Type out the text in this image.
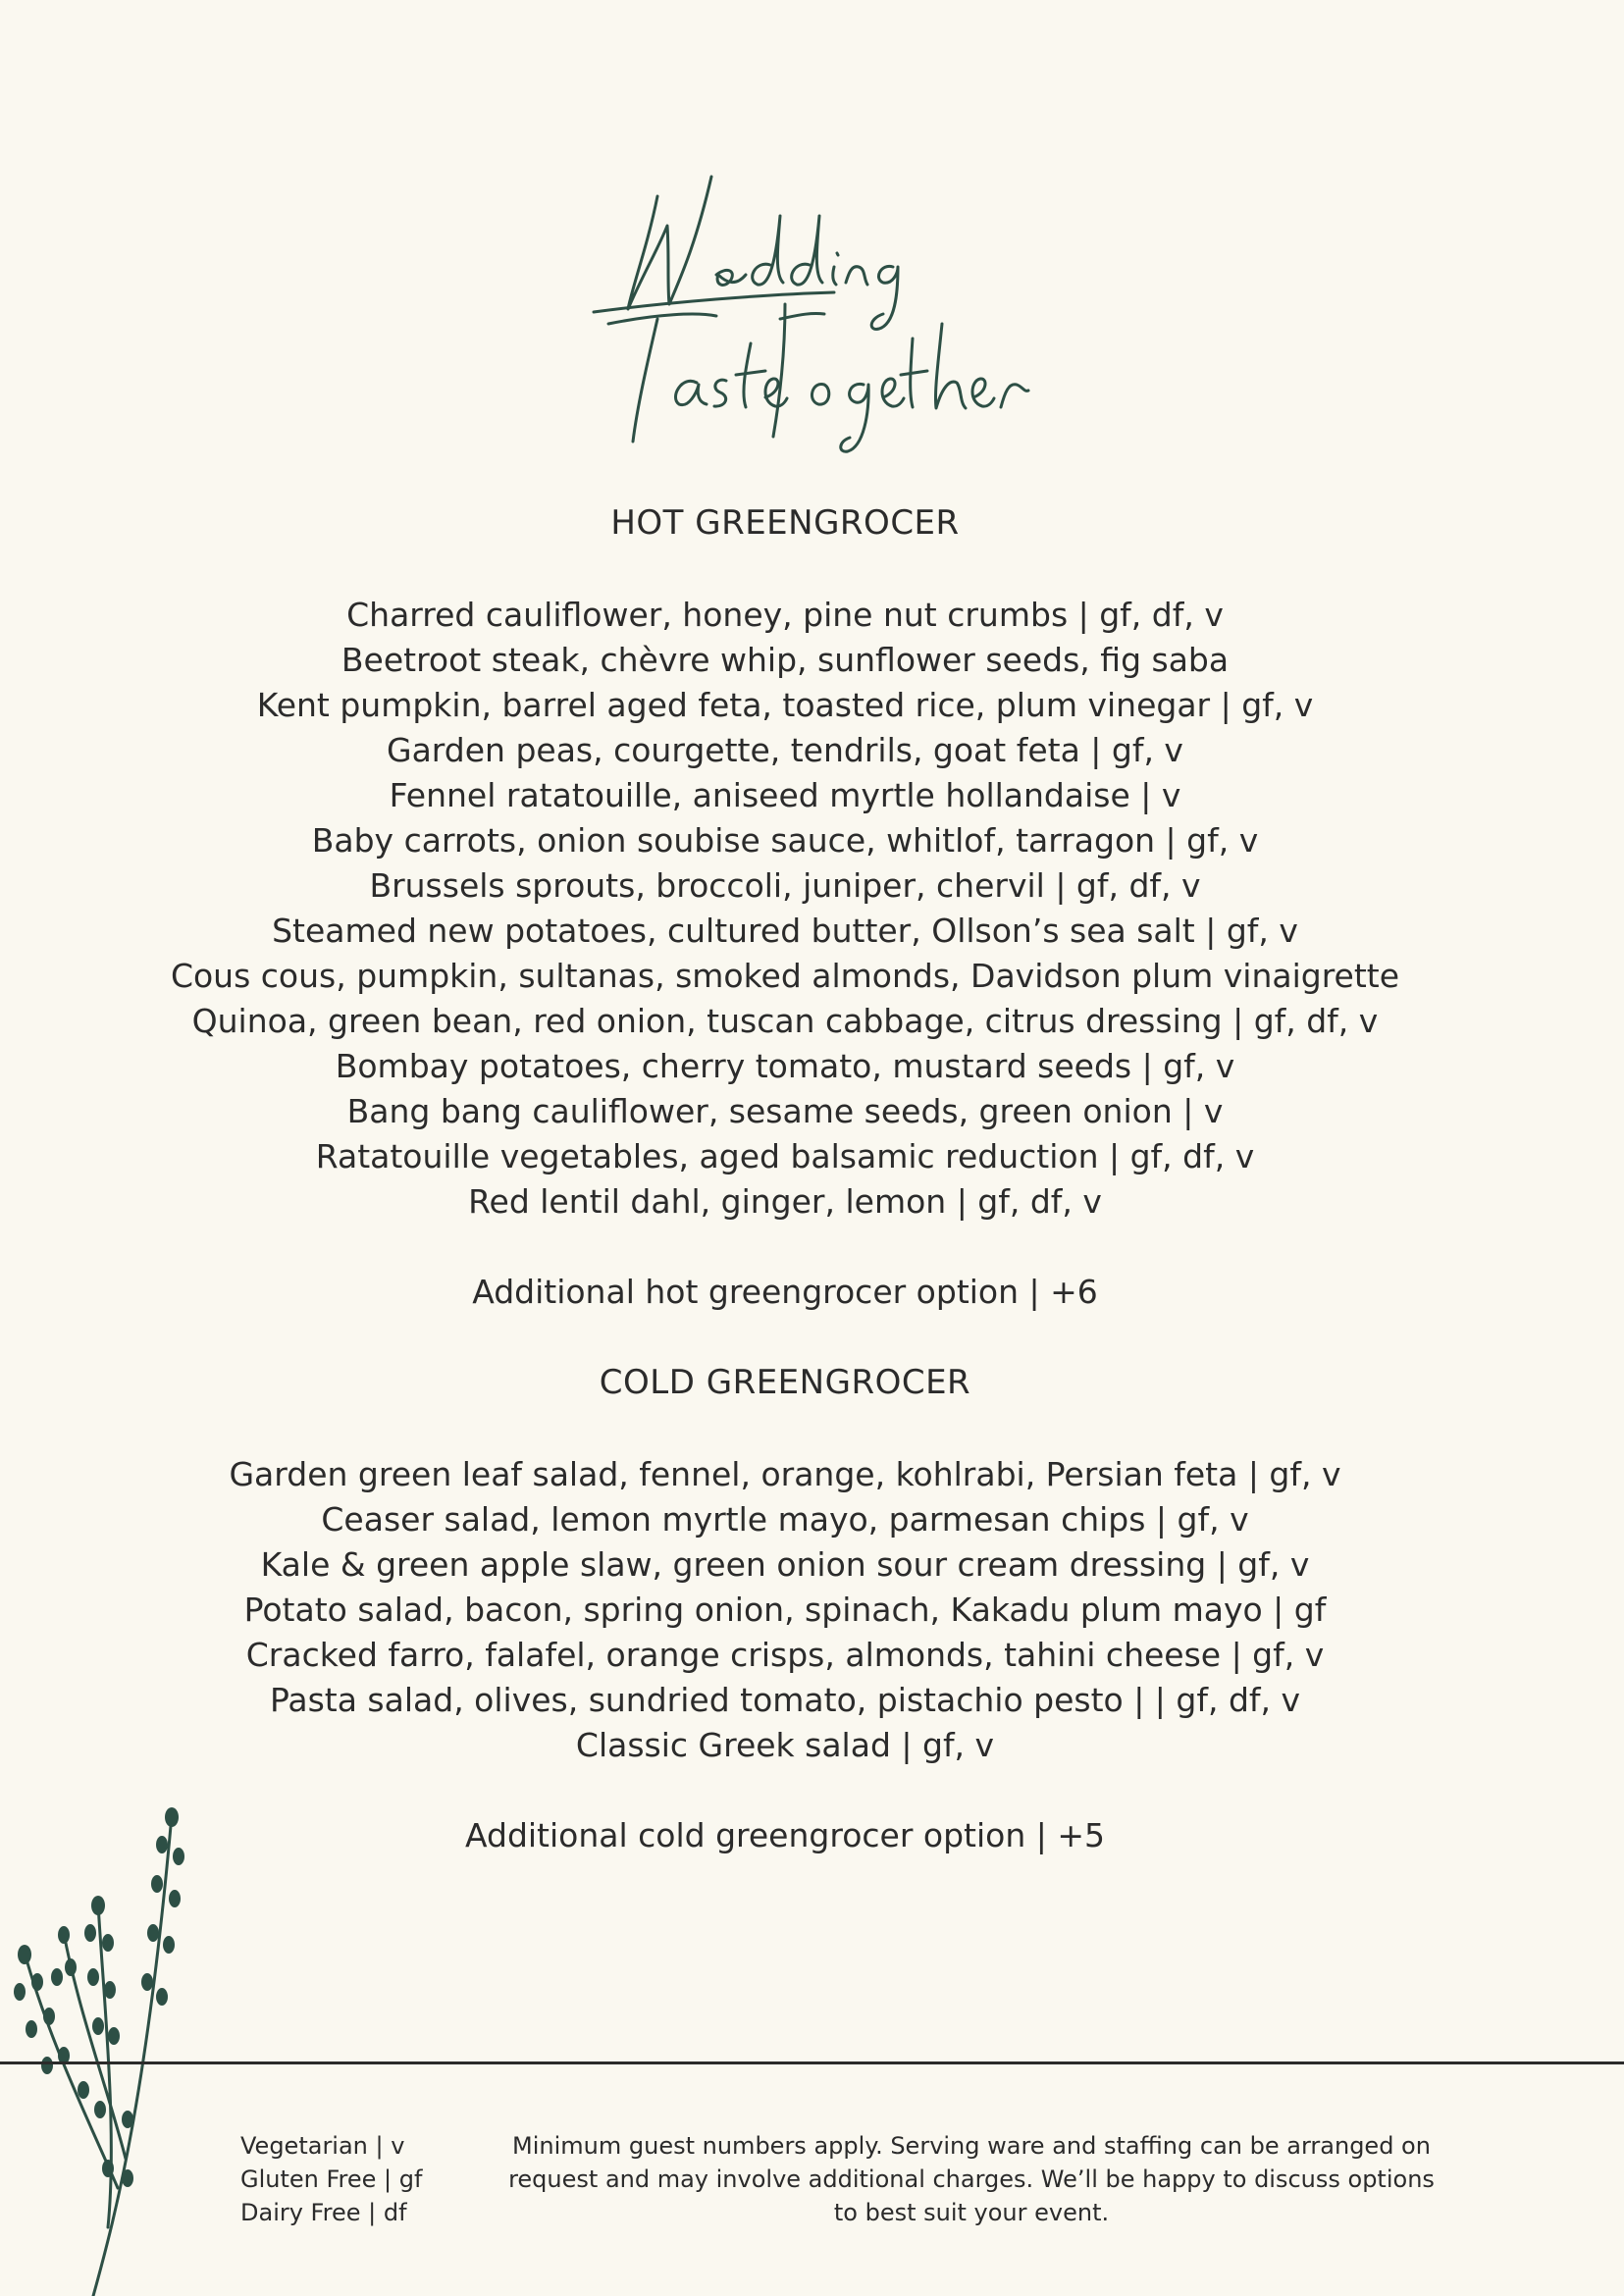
HOT GREENGROCER
Charred cauliflower, honey, pine nut crumbs | gf, df, v
Beetroot steak, chèvre whip, sunflower seeds, fig saba
Kent pumpkin, barrel aged feta, toasted rice, plum vinegar | gf, v
Garden peas, courgette, tendrils, goat feta | gf, v
Fennel ratatouille, aniseed myrtle hollandaise | v
Baby carrots, onion soubise sauce, whitlof, tarragon | gf, v
Brussels sprouts, broccoli, juniper, chervil | gf, df, v
Steamed new potatoes, cultured butter, Ollson’s sea salt | gf, v
Cous cous, pumpkin, sultanas, smoked almonds, Davidson plum vinaigrette
Quinoa, green bean, red onion, tuscan cabbage, citrus dressing | gf, df, v
Bombay potatoes, cherry tomato, mustard seeds | gf, v
Bang bang cauliflower, sesame seeds, green onion | v
Ratatouille vegetables, aged balsamic reduction | gf, df, v
Red lentil dahl, ginger, lemon | gf, df, v

Additional hot greengrocer option | +6

COLD GREENGROCER
Garden green leaf salad, fennel, orange, kohlrabi, Persian feta | gf, v
Ceaser salad, lemon myrtle mayo, parmesan chips | gf, v
Kale & green apple slaw, green onion sour cream dressing | gf, v
Potato salad, bacon, spring onion, spinach, Kakadu plum mayo | gf
Cracked farro, falafel, orange crisps, almonds, tahini cheese | gf, v
Pasta salad, olives, sundried tomato, pistachio pesto | | gf, df, v
Classic Greek salad | gf, v

Additional cold greengrocer option | +5

Vegetarian | v
Gluten Free | gf
Dairy Free | df

Minimum guest numbers apply. Serving ware and staffing can be arranged on request and may involve additional charges. We’ll be happy to discuss options to best suit your event.
